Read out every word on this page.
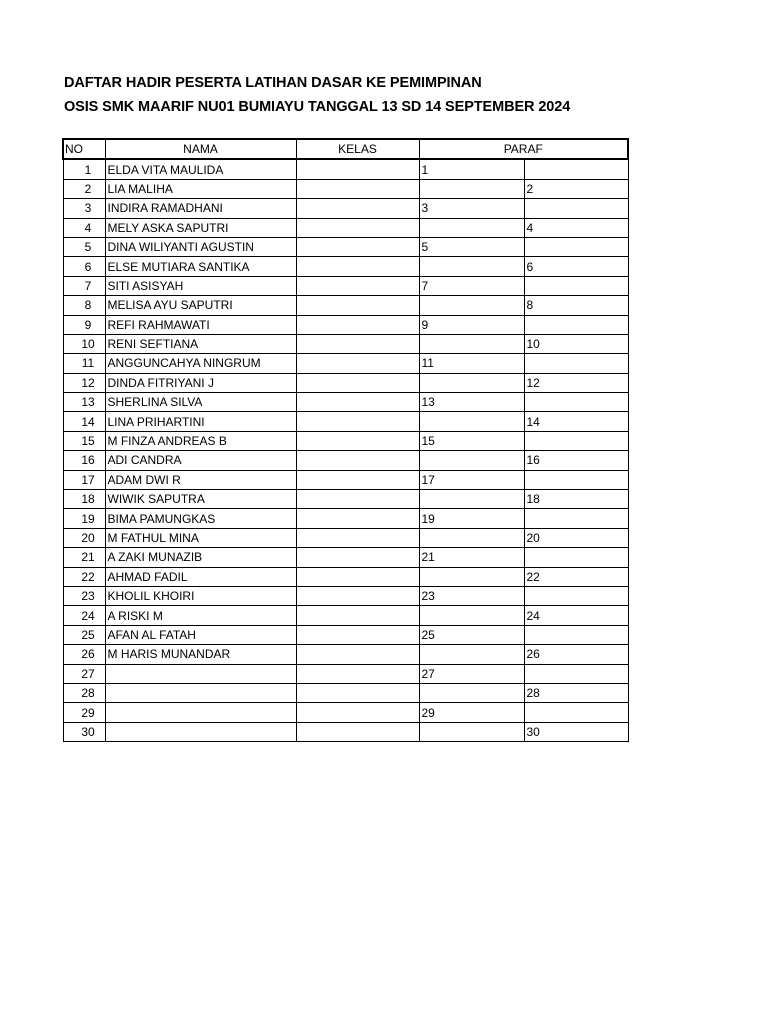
DAFTAR HADIR PESERTA LATIHAN DASAR KE PEMIMPINAN
OSIS SMK MAARIF NU01 BUMIAYU TANGGAL 13 SD 14 SEPTEMBER 2024
NO	NAMA	KELAS	PARAF	
1	ELDA VITA MAULIDA		1	
2	LIA MALIHA			2
3	INDIRA RAMADHANI		3	
4	MELY ASKA SAPUTRI			4
5	DINA WILIYANTI AGUSTIN		5	
6	ELSE MUTIARA SANTIKA			6
7	SITI ASISYAH		7	
8	MELISA AYU SAPUTRI			8
9	REFI RAHMAWATI		9	
10	RENI SEFTIANA			10
11	ANGGUNCAHYA NINGRUM		11	
12	DINDA FITRIYANI J			12
13	SHERLINA SILVA		13	
14	LINA PRIHARTINI			14
15	M FINZA ANDREAS B		15	
16	ADI CANDRA			16
17	ADAM DWI R		17	
18	WIWIK SAPUTRA			18
19	BIMA PAMUNGKAS		19	
20	M FATHUL MINA			20
21	A ZAKI MUNAZIB		21	
22	AHMAD FADIL			22
23	KHOLIL KHOIRI		23	
24	A RISKI M			24
25	AFAN AL FATAH		25	
26	M HARIS MUNANDAR			26
27			27	
28				28
29			29	
30				30
